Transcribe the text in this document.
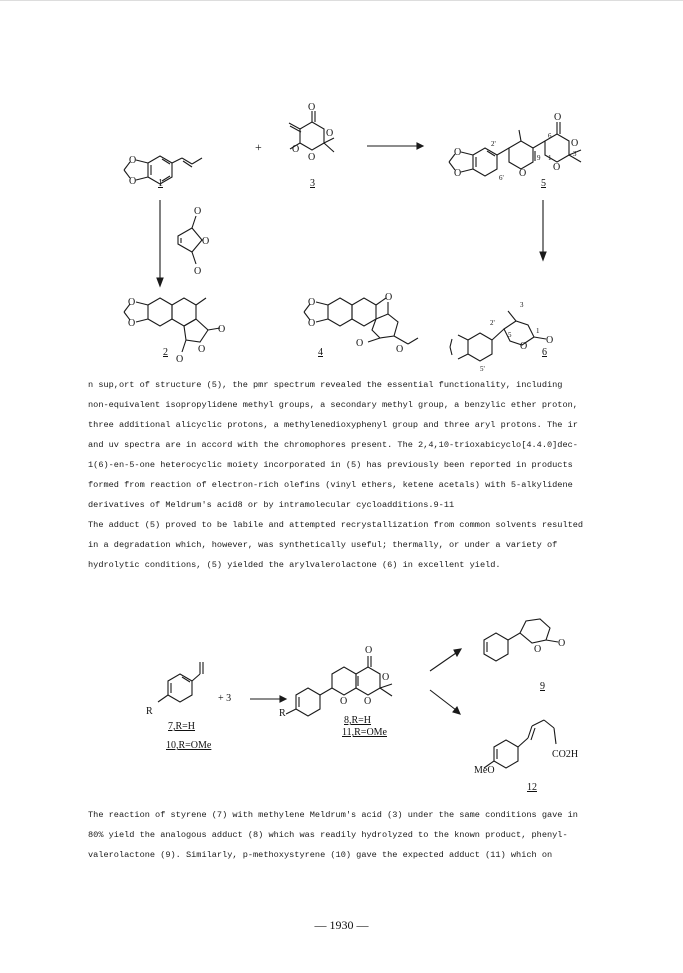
O
O 1
+
O
O
O
O
3
O
O
O
O
O	O
6
3
9 1
2'
6'	5
O
O
O
O
O
O
O
O
2
O
O
O
O
O
4
3
2'
5	1
5'
O
O
6
n sup,ort of structure (5), the pmr spectrum revealed the essential functionality, including
non-equivalent isopropylidene methyl groups, a secondary methyl group, a benzylic ether proton,
three additional alicyclic protons, a methylenedioxyphenyl group and three aryl protons. The ir
and uv spectra are in accord with the chromophores present. The 2,4,10-trioxabicyclo[4.4.0]dec-
1(6)-en-5-one heterocyclic moiety incorporated in (5) has previously been reported in products
formed from reaction of electron-rich olefins (vinyl ethers, ketene acetals) with 5-alkylidene
derivatives of Meldrum's acid8 or by intramolecular cycloadditions.9-11
The adduct (5) proved to be labile and attempted recrystallization from common solvents resulted
in a degradation which, however, was synthetically useful; thermally, or under a variety of
hydrolytic conditions, (5) yielded the arylvalerolactone (6) in excellent yield.
R
7,R=H
10,R=OMe
+ 3 →
O
O
O
O
R
8,R=H
11,R=OMe
O
O
9
MeO
CO2H
12
The reaction of styrene (7) with methylene Meldrum's acid (3) under the same conditions gave in
80% yield the analogous adduct (8) which was readily hydrolyzed to the known product, phenyl-
valerolactone (9). Similarly, p-methoxystyrene (10) gave the expected adduct (11) which on
— 1930 —
